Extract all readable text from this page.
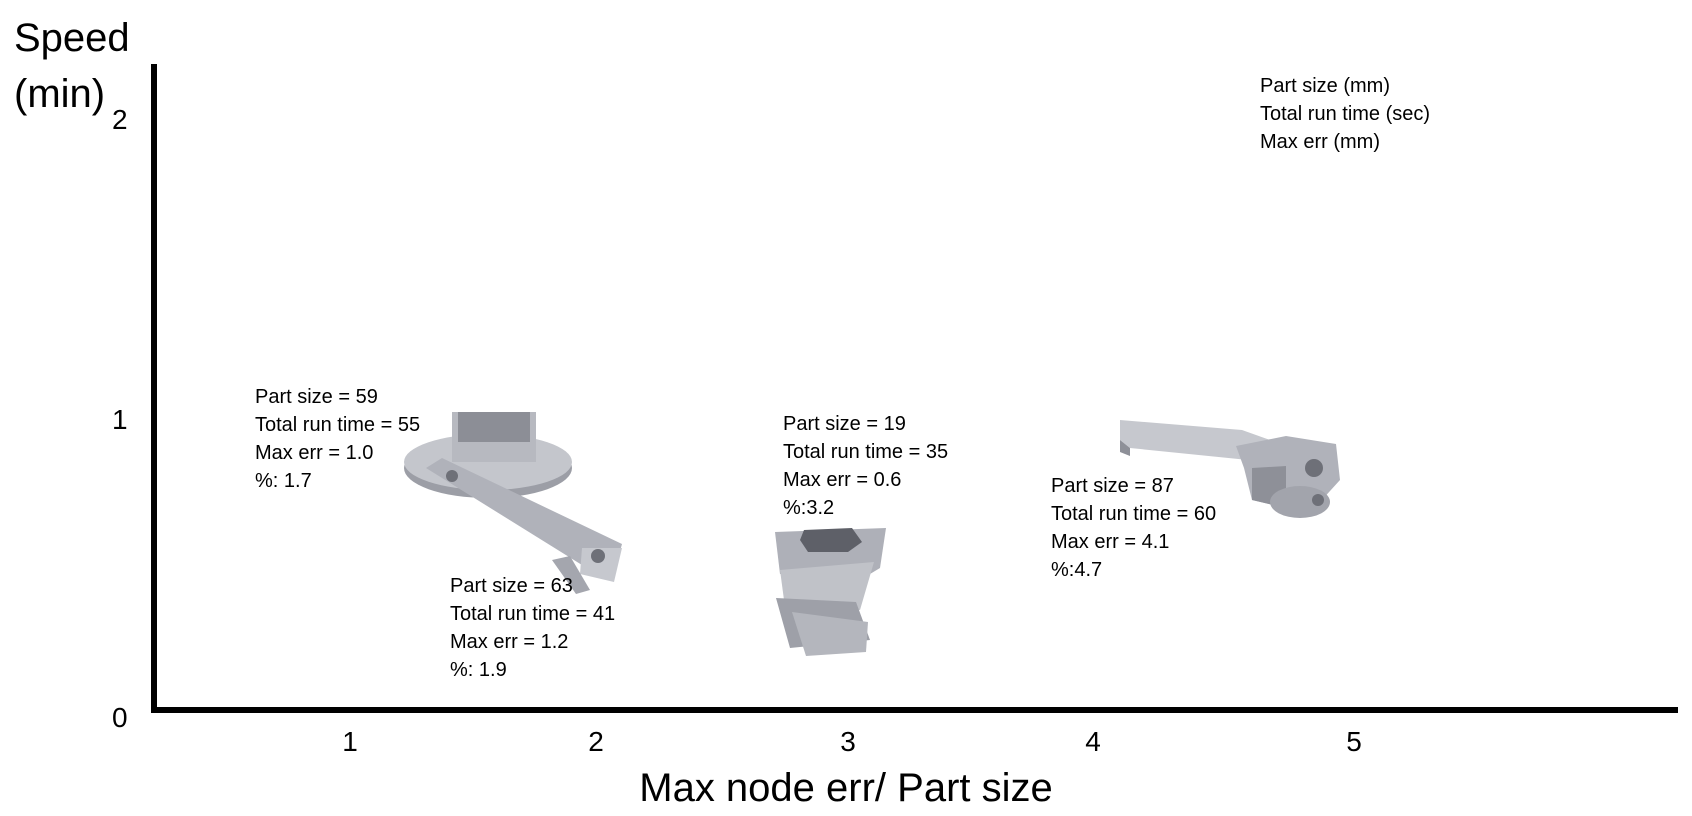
Speed
(min)
2
1
0
1	2	3	4	5
Max node err/ Part size
Part size (mm)
Total run time (sec)
Max err (mm)
Part size = 59
Total run time = 55
Max err = 1.0
%: 1.7
Part size = 63
Total run time = 41
Max err = 1.2
%: 1.9
Part size = 19
Total run time = 35
Max err = 0.6
%:3.2
Part size = 87
Total run time = 60
Max err = 4.1
%:4.7
